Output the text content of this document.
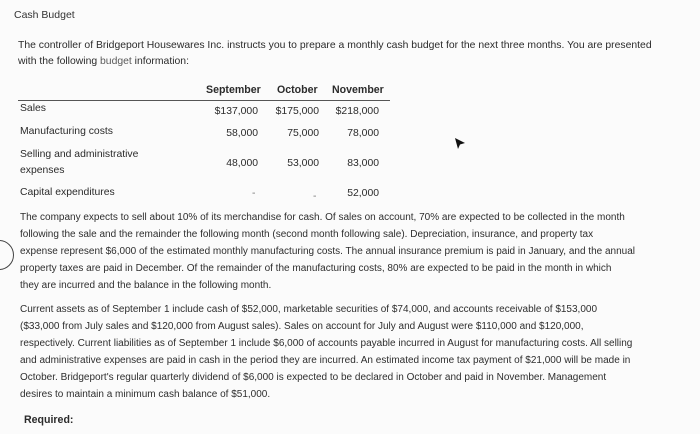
Cash Budget
The controller of Bridgeport Housewares Inc. instructs you to prepare a monthly cash budget for the next three months. You are presented
with the following budget information:
September October November
Sales	$137,000	$175,000	$218,000
Manufacturing costs	58,000	75,000	78,000
Selling and administrative
expenses
48,000	53,000	83,000
Capital expenditures	-	-	52,000
The company expects to sell about 10% of its merchandise for cash. Of sales on account, 70% are expected to be collected in the month
following the sale and the remainder the following month (second month following sale). Depreciation, insurance, and property tax
expense represent $6,000 of the estimated monthly manufacturing costs. The annual insurance premium is paid in January, and the annual
property taxes are paid in December. Of the remainder of the manufacturing costs, 80% are expected to be paid in the month in which
they are incurred and the balance in the following month.
Current assets as of September 1 include cash of $52,000, marketable securities of $74,000, and accounts receivable of $153,000
($33,000 from July sales and $120,000 from August sales). Sales on account for July and August were $110,000 and $120,000,
respectively. Current liabilities as of September 1 include $6,000 of accounts payable incurred in August for manufacturing costs. All selling
and administrative expenses are paid in cash in the period they are incurred. An estimated income tax payment of $21,000 will be made in
October. Bridgeport's regular quarterly dividend of $6,000 is expected to be declared in October and paid in November. Management
desires to maintain a minimum cash balance of $51,000.
Required:
